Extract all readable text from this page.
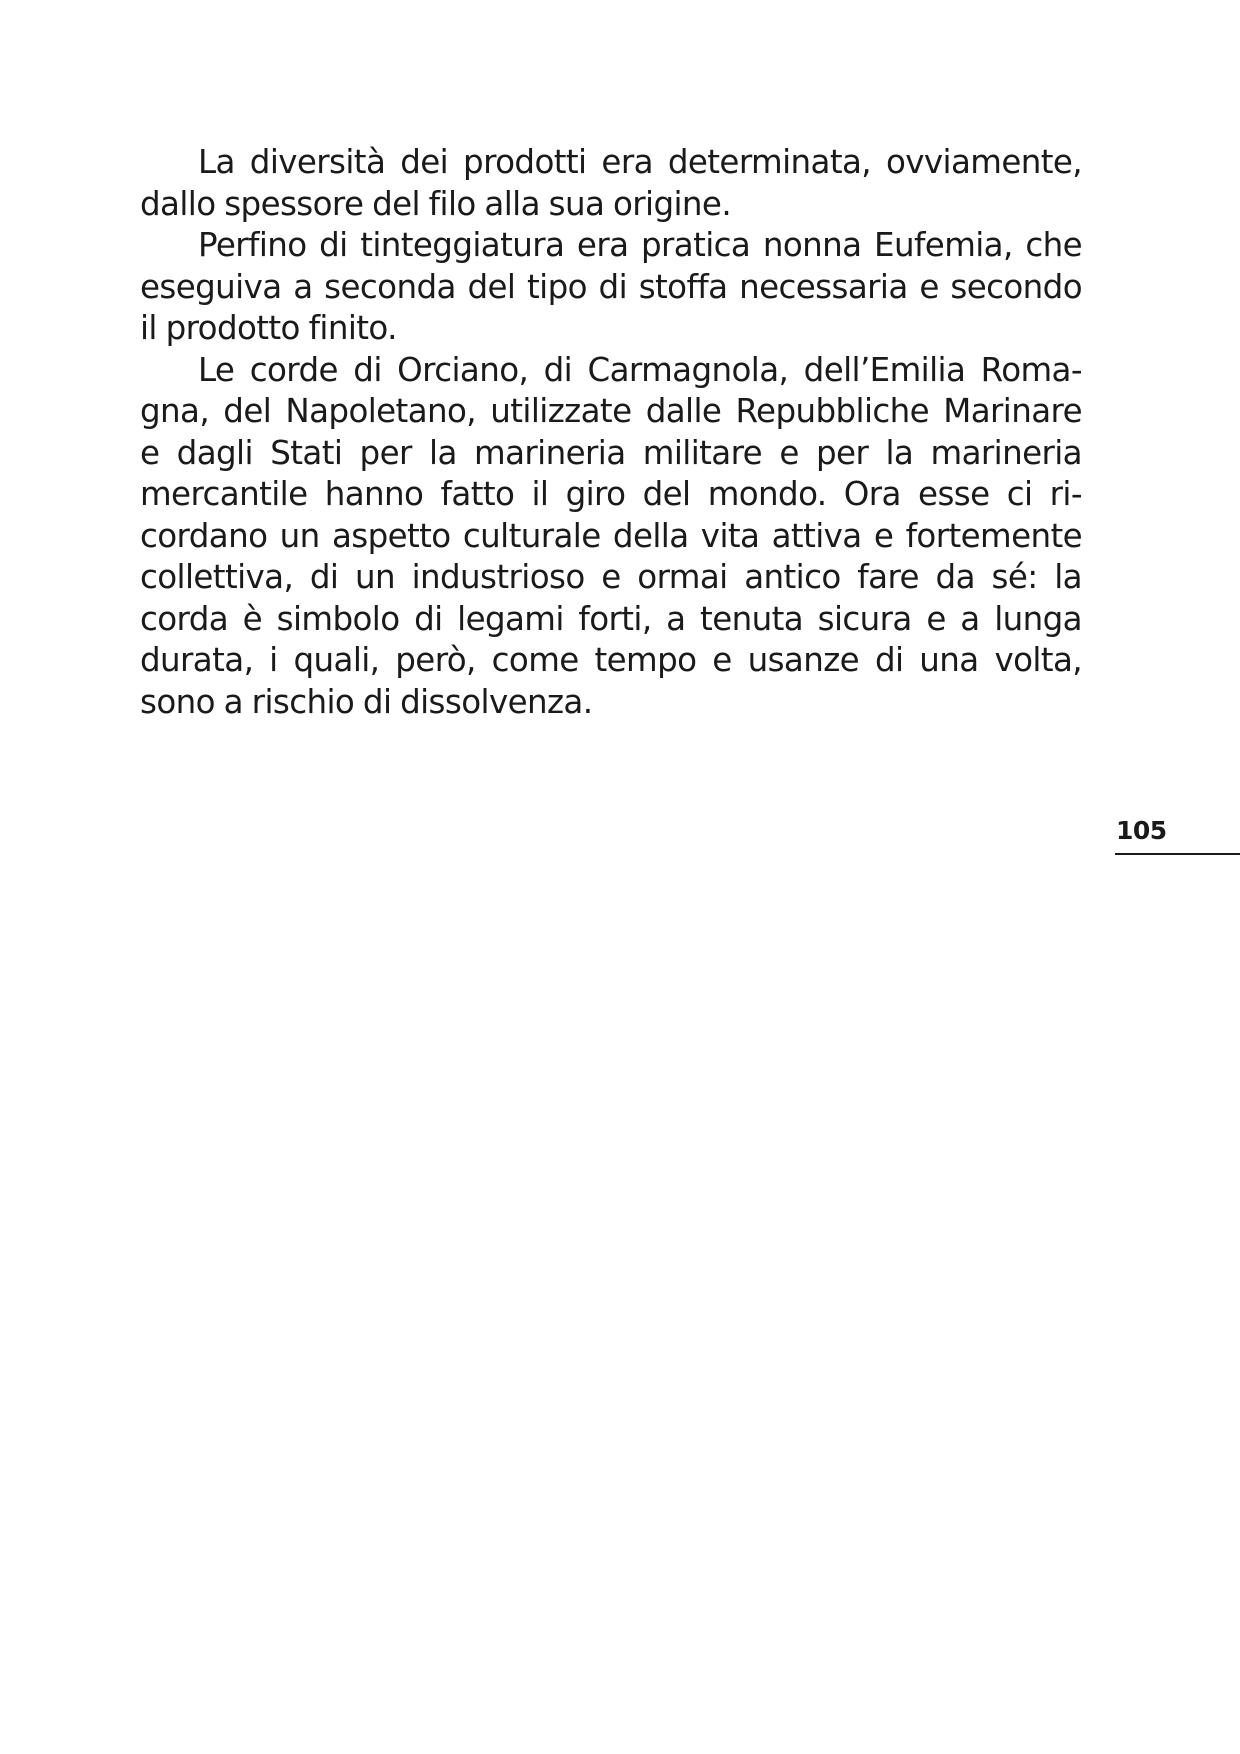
La diversità dei prodotti era determinata, ovviamente,
dallo spessore del filo alla sua origine.
Perfino di tinteggiatura era pratica nonna Eufemia, che
eseguiva a seconda del tipo di stoffa necessaria e secondo
il prodotto finito.
Le corde di Orciano, di Carmagnola, dell’Emilia Roma-
gna, del Napoletano, utilizzate dalle Repubbliche Marinare
e dagli Stati per la marineria militare e per la marineria
mercantile hanno fatto il giro del mondo. Ora esse ci ri-
cordano un aspetto culturale della vita attiva e fortemente
collettiva, di un industrioso e ormai antico fare da sé: la
corda è simbolo di legami forti, a tenuta sicura e a lunga
durata, i quali, però, come tempo e usanze di una volta,
sono a rischio di dissolvenza.
105
